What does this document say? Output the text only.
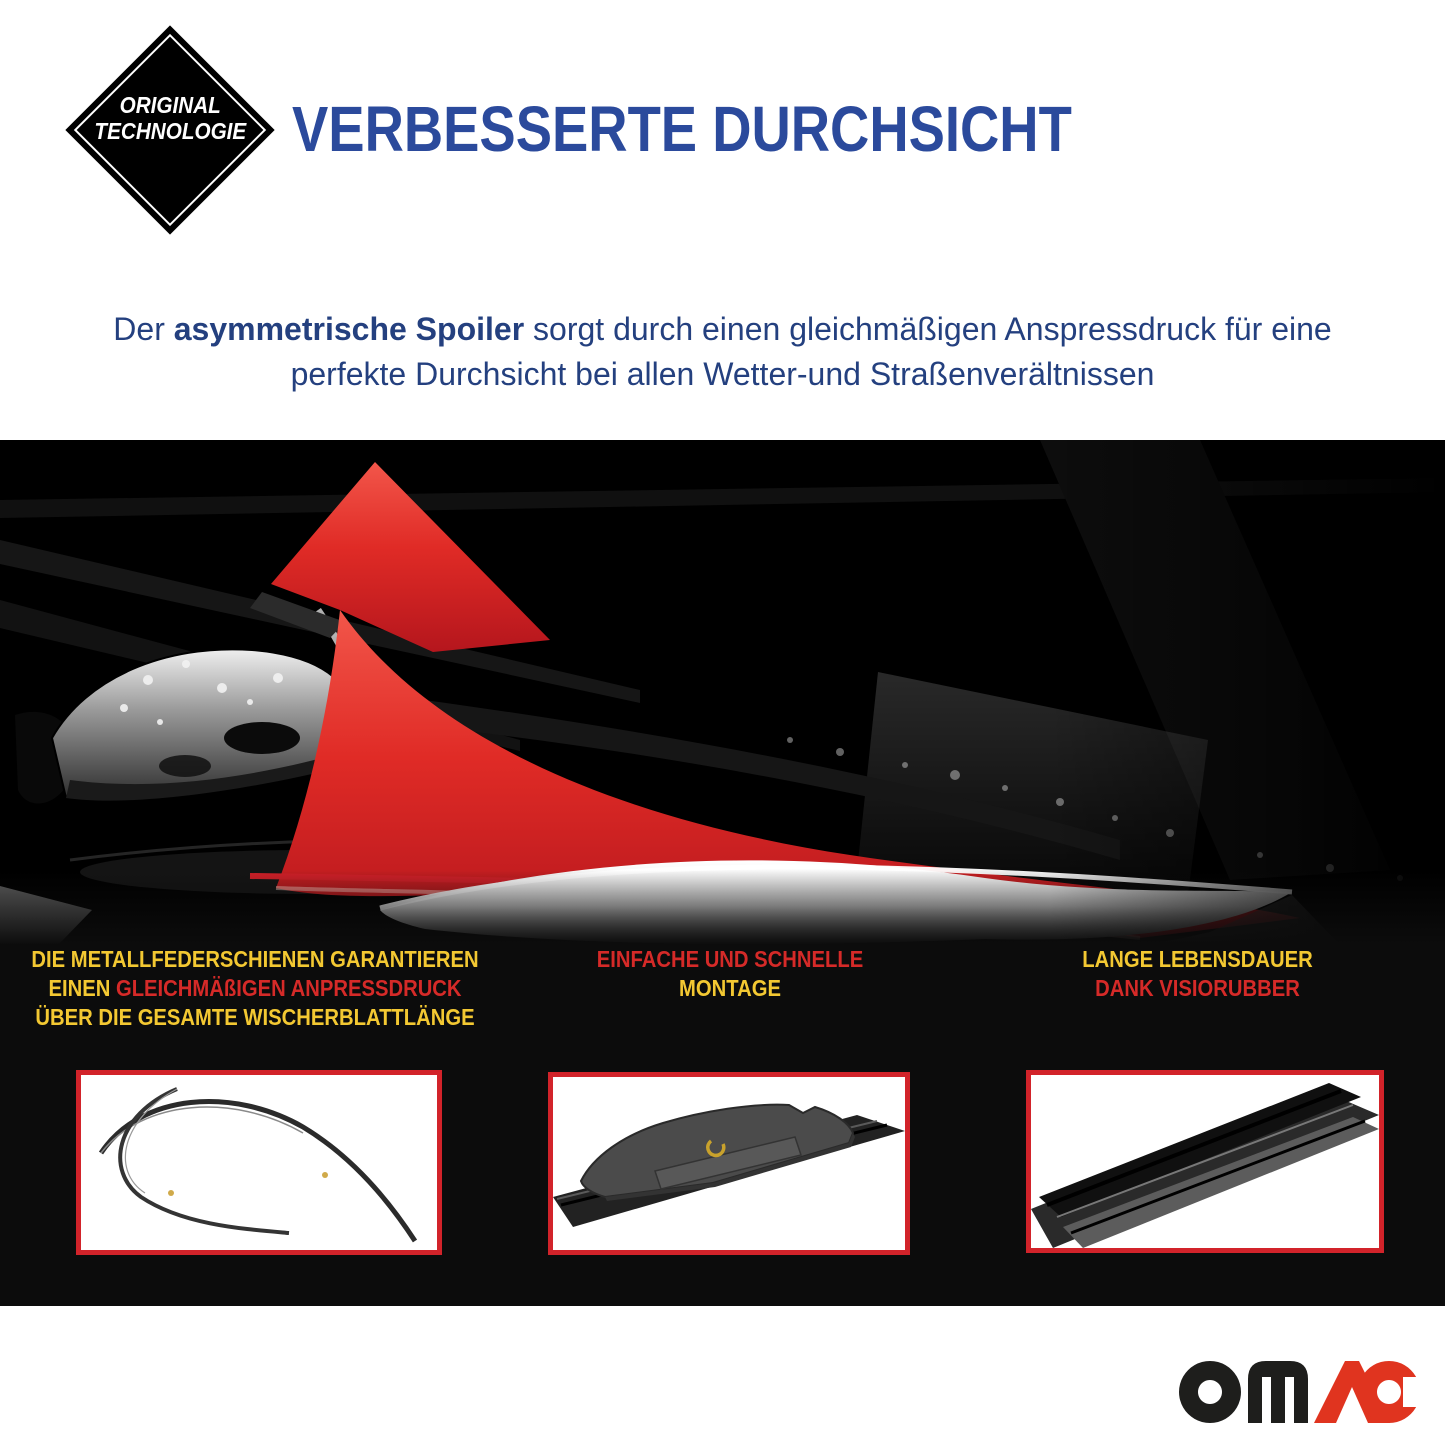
ORIGINAL
TECHNOLOGIE VERBESSERTE DURCHSICHT

Der asymmetrische Spoiler sorgt durch einen gleichmäßigen Anspressdruck für eine
perfekte Durchsicht bei allen Wetter-und Straßenverältnissen

DIE METALLFEDERSCHIENEN GARANTIEREN
EINEN GLEICHMÄßIGEN ANPRESSDRUCK
ÜBER DIE GESAMTE WISCHERBLATTLÄNGE
EINFACHE UND SCHNELLE
MONTAGE
LANGE LEBENSDAUER
DANK VISIORUBBER
